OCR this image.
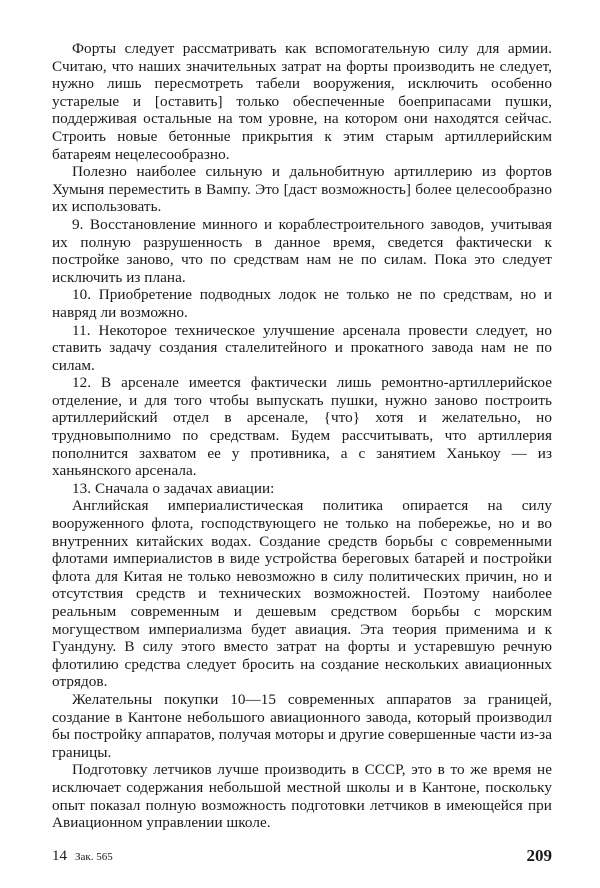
Форты следует рассматривать как вспомогательную силу для армии. Считаю, что наших значительных затрат на форты производить не следует, нужно лишь пересмотреть табели вооружения, исключить особенно устарелые и [оставить] только обеспеченные боеприпасами пушки, поддерживая остальные на том уровне, на котором они находятся сейчас. Строить новые бетонные прикрытия к этим старым артиллерийским батареям нецелесообразно.

Полезно наиболее сильную и дальнобитную артиллерию из фортов Хумыня переместить в Вампу. Это [даст возможность] более целесообразно их использовать.

9. Восстановление минного и кораблестроительного заводов, учитывая их полную разрушенность в данное время, сведется фактически к постройке заново, что по средствам нам не по силам. Пока это следует исключить из плана.

10. Приобретение подводных лодок не только не по средствам, но и навряд ли возможно.

11. Некоторое техническое улучшение арсенала провести следует, но ставить задачу создания сталелитейного и прокатного завода нам не по силам.

12. В арсенале имеется фактически лишь ремонтно-артиллерийское отделение, и для того чтобы выпускать пушки, нужно заново построить артиллерийский отдел в арсенале, {что} хотя и желательно, но трудновыполнимо по средствам. Будем рассчитывать, что артиллерия пополнится захватом ее у противника, а с занятием Ханькоу — из ханьянского арсенала.

13. Сначала о задачах авиации:

Английская империалистическая политика опирается на силу вооруженного флота, господствующего не только на побережье, но и во внутренних китайских водах. Создание средств борьбы с современными флотами империалистов в виде устройства береговых батарей и постройки флота для Китая не только невозможно в силу политических причин, но и отсутствия средств и технических возможностей. Поэтому наиболее реальным современным и дешевым средством борьбы с морским могуществом империализма будет авиация. Эта теория применима и к Гуандуну. В силу этого вместо затрат на форты и устаревшую речную флотилию средства следует бросить на создание нескольких авиационных отрядов.

Желательны покупки 10—15 современных аппаратов за границей, создание в Кантоне небольшого авиационного завода, который производил бы постройку аппаратов, получая моторы и другие совершенные части из-за границы.

Подготовку летчиков лучше производить в СССР, это в то же время не исключает содержания небольшой местной школы и в Кантоне, поскольку опыт показал полную возможность подготовки летчиков в имеющейся при Авиационном управлении школе.

14 Зак. 565	209
